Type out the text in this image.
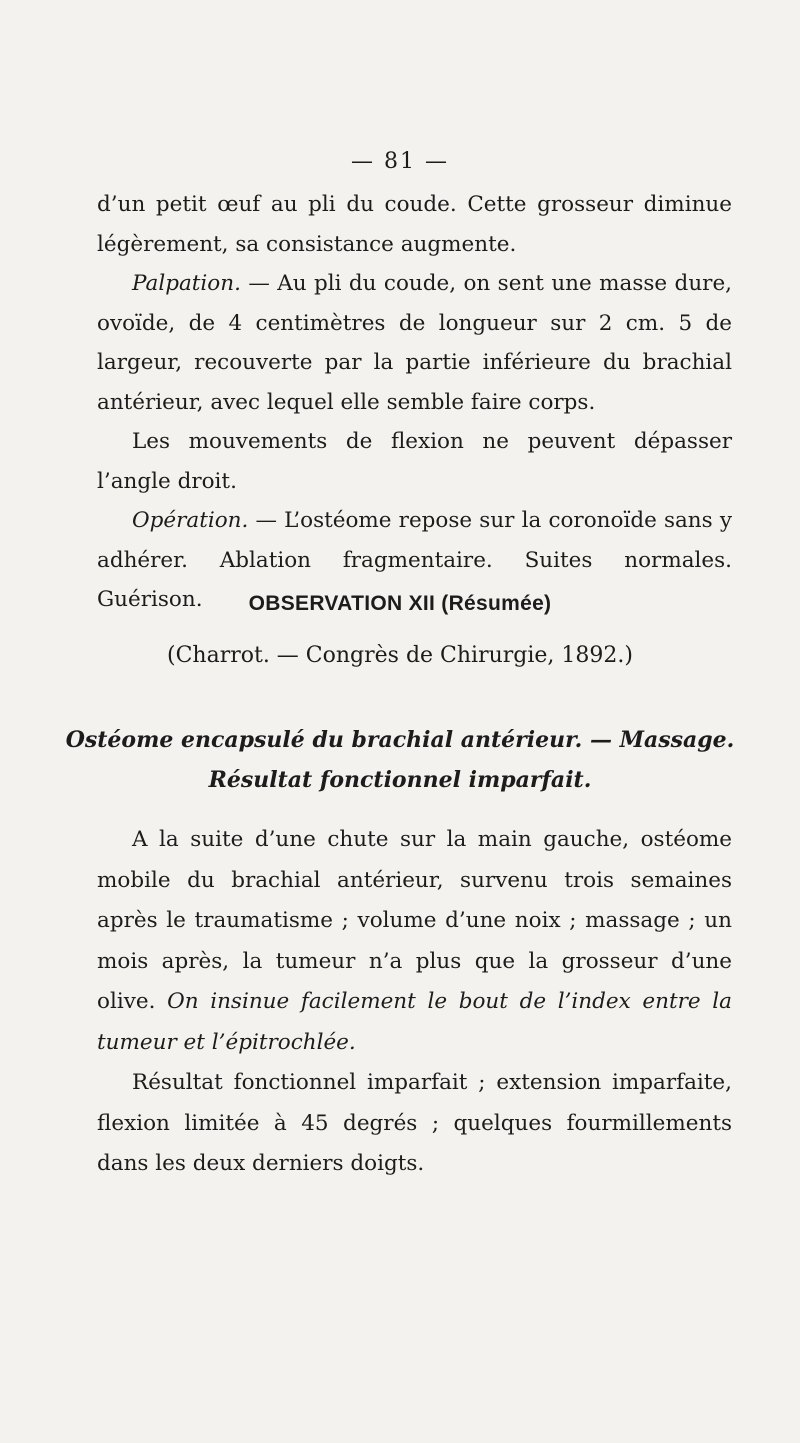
— 81 —

d’un petit œuf au pli du coude. Cette grosseur diminue légèrement, sa consistance augmente.

Palpation. — Au pli du coude, on sent une masse dure, ovoïde, de 4 centimètres de longueur sur 2 cm. 5 de largeur, recouverte par la partie inférieure du brachial antérieur, avec lequel elle semble faire corps.

Les mouvements de flexion ne peuvent dépasser l’angle droit.

Opération. — L’ostéome repose sur la coronoïde sans y adhérer. Ablation fragmentaire. Suites normales. Guérison.	OBSERVATION XII (Résumée)
(Charrot. — Congrès de Chirurgie, 1892.)
Ostéome encapsulé du brachial antérieur. — Massage.
Résultat fonctionnel imparfait.

A la suite d’une chute sur la main gauche, ostéome mobile du brachial antérieur, survenu trois semaines après le traumatisme ; volume d’une noix ; massage ; un mois après, la tumeur n’a plus que la grosseur d’une olive. On insinue facilement le bout de l’index entre la tumeur et l’épitrochlée.

Résultat fonctionnel imparfait ; extension imparfaite, flexion limitée à 45 degrés ; quelques fourmillements dans les deux derniers doigts.
